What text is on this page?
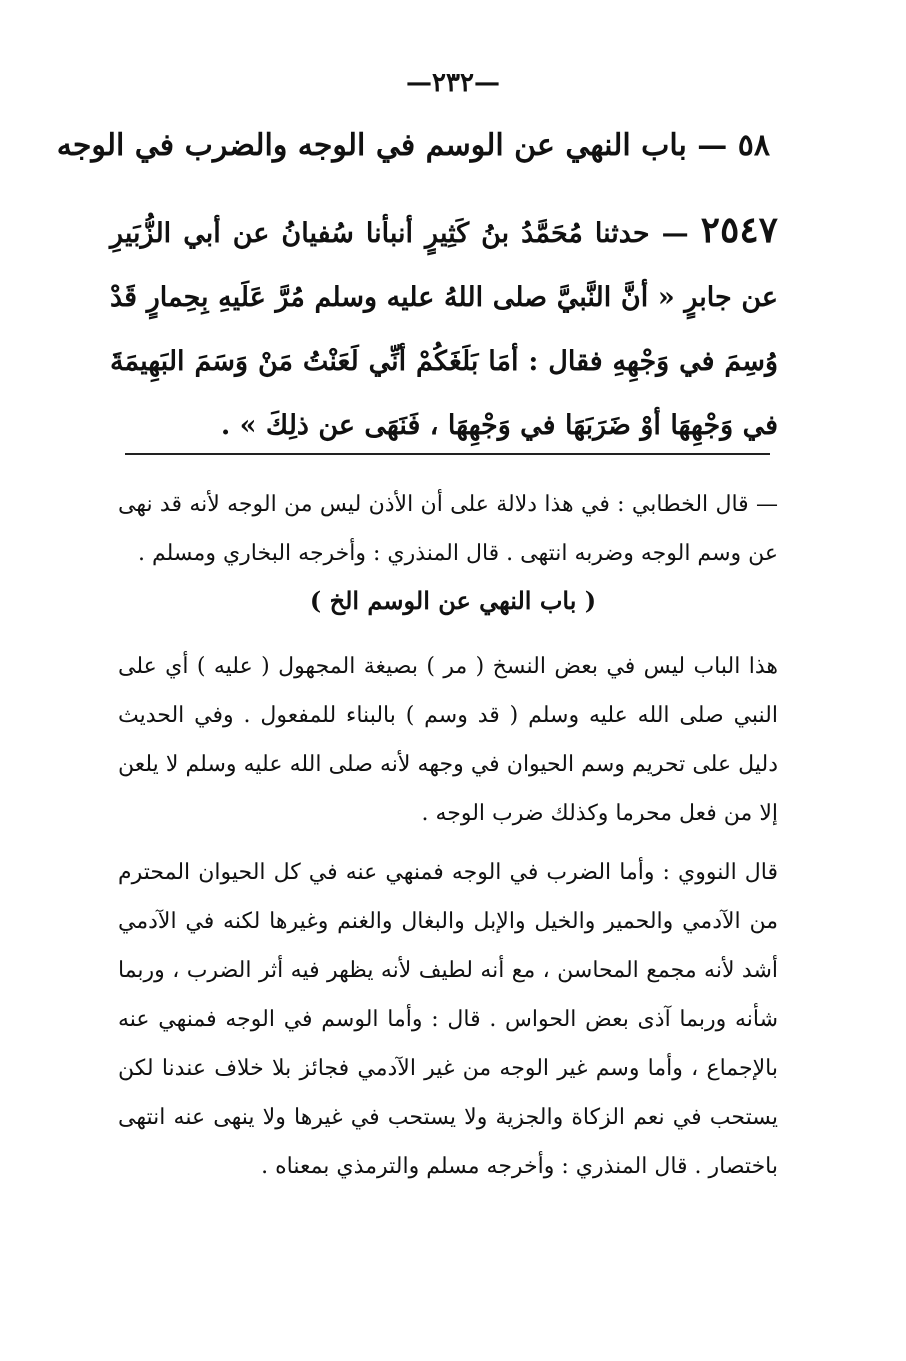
—٢٣٢—
٥٨ — باب النهي عن الوسم في الوجه والضرب في الوجه
٢٥٤٧ — حدثنا مُحَمَّدُ بنُ كَثِيرٍ أنبأنا سُفيانُ عن أبي الزُّبَيرِ عن جابرٍ « أنَّ النَّبيَّ صلى اللهُ عليه وسلم مُرَّ عَلَيهِ بِحِمارٍ قَدْ وُسِمَ في وَجْهِهِ فقال : أمَا بَلَغَكُمْ أنِّي لَعَنْتُ مَنْ وَسَمَ البَهِيمَةَ في وَجْهِهَا أوْ ضَرَبَهَا في وَجْهِهَا ، فَنَهَى عن ذلِكَ » .
— قال الخطابي : في هذا دلالة على أن الأذن ليس من الوجه لأنه قد نهى عن وسم الوجه وضربه انتهى . قال المنذري : وأخرجه البخاري ومسلم .
( باب النهي عن الوسم الخ )
هذا الباب ليس في بعض النسخ ( مر ) بصيغة المجهول ( عليه ) أي على النبي صلى الله عليه وسلم ( قد وسم ) بالبناء للمفعول . وفي الحديث دليل على تحريم وسم الحيوان في وجهه لأنه صلى الله عليه وسلم لا يلعن إلا من فعل محرما وكذلك ضرب الوجه .
قال النووي : وأما الضرب في الوجه فمنهي عنه في كل الحيوان المحترم من الآدمي والحمير والخيل والإبل والبغال والغنم وغيرها لكنه في الآدمي أشد لأنه مجمع المحاسن ، مع أنه لطيف لأنه يظهر فيه أثر الضرب ، وربما شأنه وربما آذى بعض الحواس . قال : وأما الوسم في الوجه فمنهي عنه بالإجماع ، وأما وسم غير الوجه من غير الآدمي فجائز بلا خلاف عندنا لكن يستحب في نعم الزكاة والجزية ولا يستحب في غيرها ولا ينهى عنه انتهى باختصار . قال المنذري : وأخرجه مسلم والترمذي بمعناه .
